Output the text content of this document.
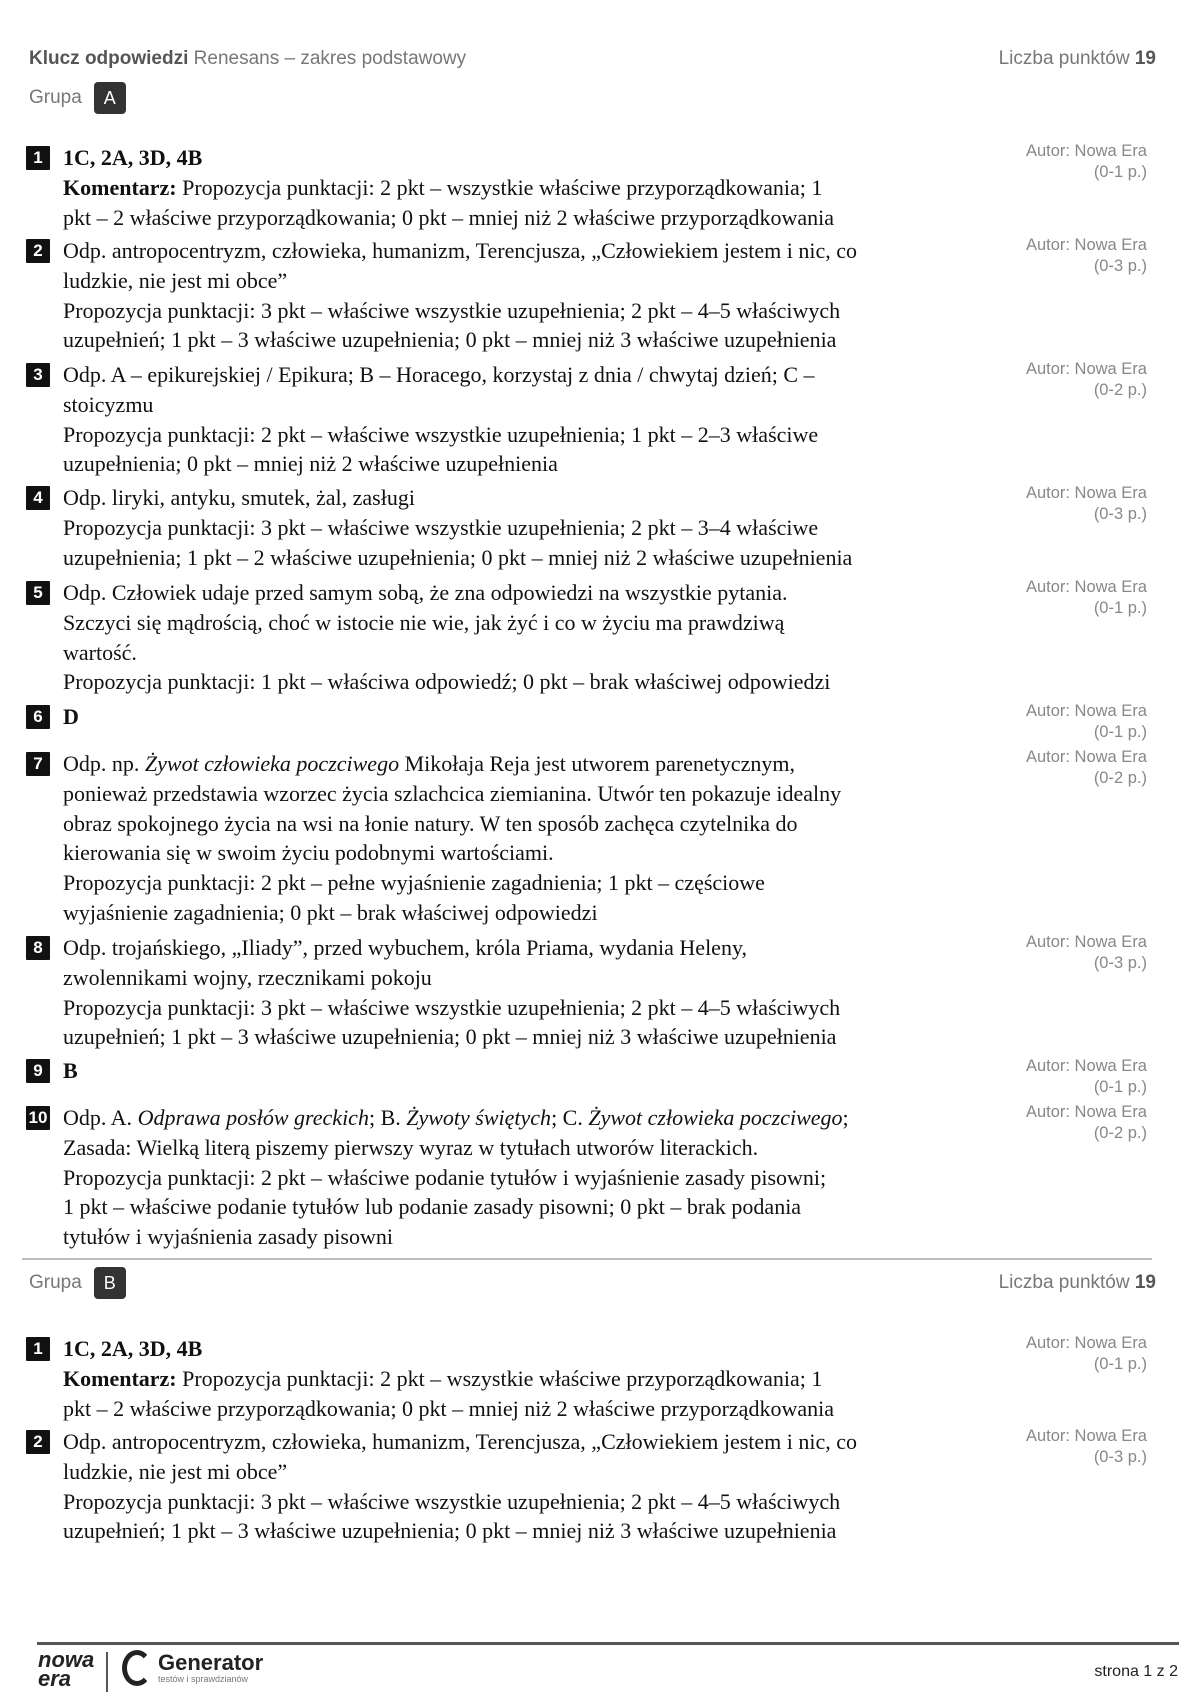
Klucz odpowiedzi Renesans – zakres podstawowy	Liczba punktów 19
Grupa	A
1 1C, 2A, 3D, 4B
Komentarz: Propozycja punktacji: 2 pkt – wszystkie właściwe przyporządkowania; 1
pkt – 2 właściwe przyporządkowania; 0 pkt – mniej niż 2 właściwe przyporządkowania
Autor: Nowa Era
(0-1 p.)
2 Odp. antropocentryzm, człowieka, humanizm, Terencjusza, „Człowiekiem jestem i nic, co
ludzkie, nie jest mi obce”
Propozycja punktacji: 3 pkt – właściwe wszystkie uzupełnienia; 2 pkt – 4–5 właściwych
uzupełnień; 1 pkt – 3 właściwe uzupełnienia; 0 pkt – mniej niż 3 właściwe uzupełnienia
Autor: Nowa Era
(0-3 p.)
3 Odp. A – epikurejskiej / Epikura; B – Horacego, korzystaj z dnia / chwytaj dzień; C –
stoicyzmu
Propozycja punktacji: 2 pkt – właściwe wszystkie uzupełnienia; 1 pkt – 2–3 właściwe
uzupełnienia; 0 pkt – mniej niż 2 właściwe uzupełnienia
Autor: Nowa Era
(0-2 p.)
4 Odp. liryki, antyku, smutek, żal, zasługi
Propozycja punktacji: 3 pkt – właściwe wszystkie uzupełnienia; 2 pkt – 3–4 właściwe
uzupełnienia; 1 pkt – 2 właściwe uzupełnienia; 0 pkt – mniej niż 2 właściwe uzupełnienia
Autor: Nowa Era
(0-3 p.)
5 Odp. Człowiek udaje przed samym sobą, że zna odpowiedzi na wszystkie pytania.
Szczyci się mądrością, choć w istocie nie wie, jak żyć i co w życiu ma prawdziwą
wartość.
Propozycja punktacji: 1 pkt – właściwa odpowiedź; 0 pkt – brak właściwej odpowiedzi
Autor: Nowa Era
(0-1 p.)
6 D	Autor: Nowa Era
(0-1 p.)
7 Odp. np. Żywot człowieka poczciwego Mikołaja Reja jest utworem parenetycznym,
ponieważ przedstawia wzorzec życia szlachcica ziemianina. Utwór ten pokazuje idealny
obraz spokojnego życia na wsi na łonie natury. W ten sposób zachęca czytelnika do
kierowania się w swoim życiu podobnymi wartościami.
Propozycja punktacji: 2 pkt – pełne wyjaśnienie zagadnienia; 1 pkt – częściowe
wyjaśnienie zagadnienia; 0 pkt – brak właściwej odpowiedzi
Autor: Nowa Era
(0-2 p.)
8 Odp. trojańskiego, „Iliady”, przed wybuchem, króla Priama, wydania Heleny,
zwolennikami wojny, rzecznikami pokoju
Propozycja punktacji: 3 pkt – właściwe wszystkie uzupełnienia; 2 pkt – 4–5 właściwych
uzupełnień; 1 pkt – 3 właściwe uzupełnienia; 0 pkt – mniej niż 3 właściwe uzupełnienia
Autor: Nowa Era
(0-3 p.)
9 B	Autor: Nowa Era
(0-1 p.)
10 Odp. A. Odprawa posłów greckich; B. Żywoty świętych; C. Żywot człowieka poczciwego;
Zasada: Wielką literą piszemy pierwszy wyraz w tytułach utworów literackich.
Propozycja punktacji: 2 pkt – właściwe podanie tytułów i wyjaśnienie zasady pisowni;
1 pkt – właściwe podanie tytułów lub podanie zasady pisowni; 0 pkt – brak podania
tytułów i wyjaśnienia zasady pisowni
Autor: Nowa Era
(0-2 p.)
Grupa	B	Liczba punktów 19
1 1C, 2A, 3D, 4B
Komentarz: Propozycja punktacji: 2 pkt – wszystkie właściwe przyporządkowania; 1
pkt – 2 właściwe przyporządkowania; 0 pkt – mniej niż 2 właściwe przyporządkowania
Autor: Nowa Era
(0-1 p.)
2 Odp. antropocentryzm, człowieka, humanizm, Terencjusza, „Człowiekiem jestem i nic, co
ludzkie, nie jest mi obce”
Propozycja punktacji: 3 pkt – właściwe wszystkie uzupełnienia; 2 pkt – 4–5 właściwych
uzupełnień; 1 pkt – 3 właściwe uzupełnienia; 0 pkt – mniej niż 3 właściwe uzupełnienia
Autor: Nowa Era
(0-3 p.)
nowa
era
Generator
testów i sprawdzianów	strona 1 z 2
